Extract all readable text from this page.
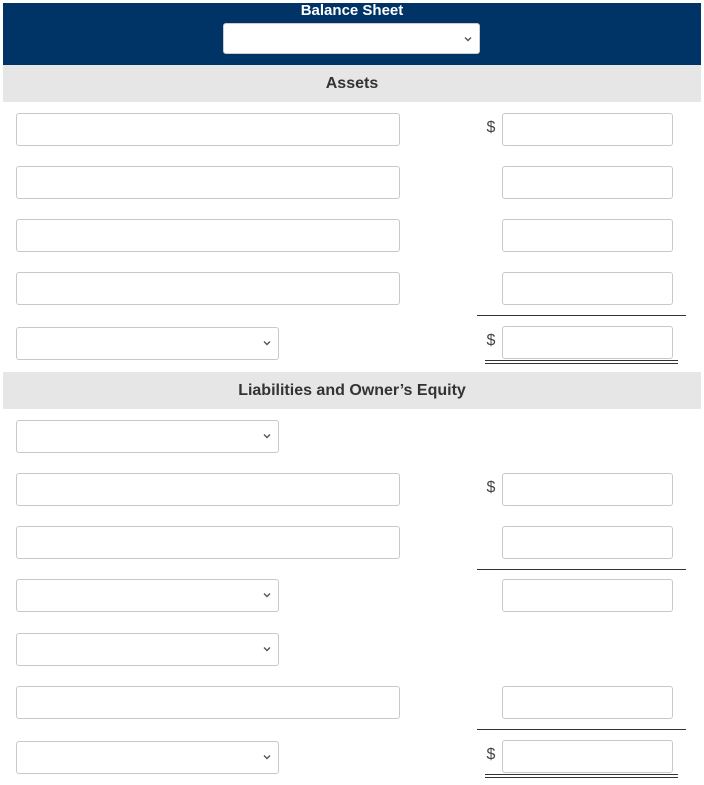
Balance Sheet
Assets
$
$
Liabilities and Owner’s Equity
$
$
